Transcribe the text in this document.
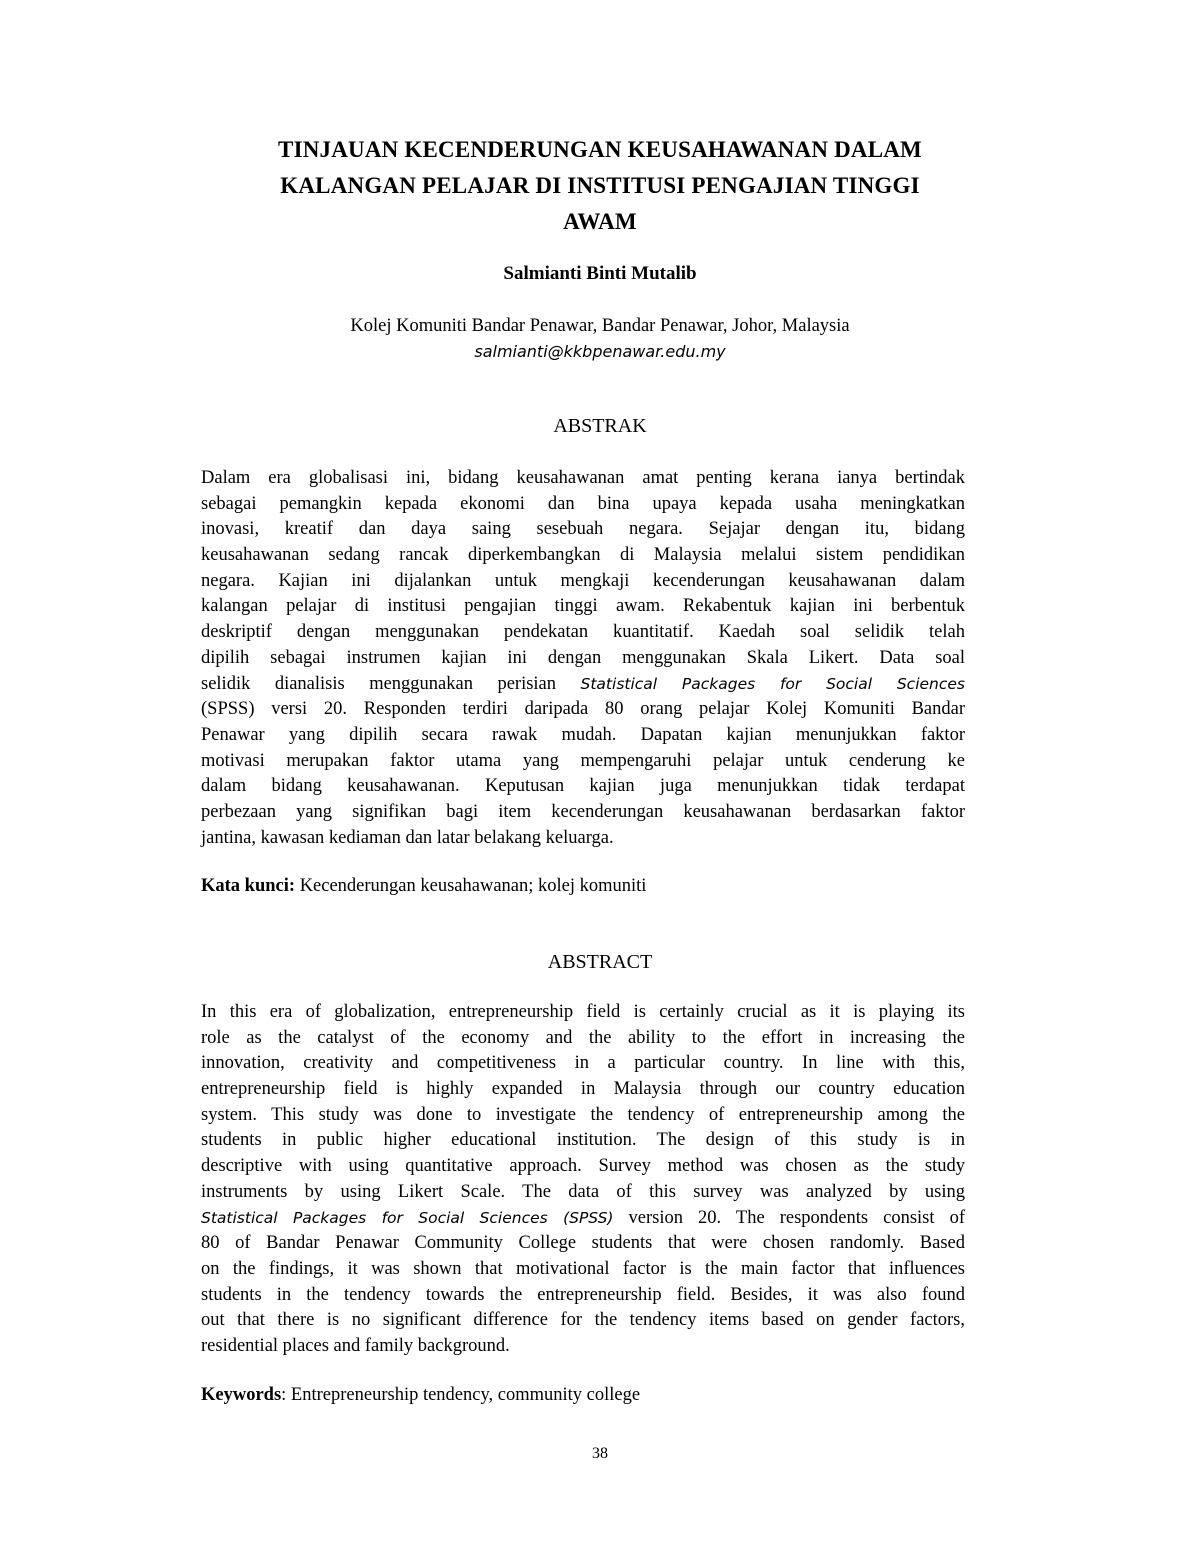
TINJAUAN KECENDERUNGAN KEUSAHAWANAN DALAM
KALANGAN PELAJAR DI INSTITUSI PENGAJIAN TINGGI
AWAM
Salmianti Binti Mutalib
Kolej Komuniti Bandar Penawar, Bandar Penawar, Johor, Malaysia
salmianti@kkbpenawar.edu.my
ABSTRAK
Dalam era globalisasi ini, bidang keusahawanan amat penting kerana ianya bertindak
sebagai pemangkin kepada ekonomi dan bina upaya kepada usaha meningkatkan
inovasi, kreatif dan daya saing sesebuah negara. Sejajar dengan itu, bidang
keusahawanan sedang rancak diperkembangkan di Malaysia melalui sistem pendidikan
negara. Kajian ini dijalankan untuk mengkaji kecenderungan keusahawanan dalam
kalangan pelajar di institusi pengajian tinggi awam. Rekabentuk kajian ini berbentuk
deskriptif dengan menggunakan pendekatan kuantitatif. Kaedah soal selidik telah
dipilih sebagai instrumen kajian ini dengan menggunakan Skala Likert. Data soal
selidik dianalisis menggunakan perisian Statistical Packages for Social Sciences
(SPSS) versi 20. Responden terdiri daripada 80 orang pelajar Kolej Komuniti Bandar
Penawar yang dipilih secara rawak mudah. Dapatan kajian menunjukkan faktor
motivasi merupakan faktor utama yang mempengaruhi pelajar untuk cenderung ke
dalam bidang keusahawanan. Keputusan kajian juga menunjukkan tidak terdapat
perbezaan yang signifikan bagi item kecenderungan keusahawanan berdasarkan faktor
jantina, kawasan kediaman dan latar belakang keluarga.
Kata kunci: Kecenderungan keusahawanan; kolej komuniti
ABSTRACT
In this era of globalization, entrepreneurship field is certainly crucial as it is playing its
role as the catalyst of the economy and the ability to the effort in increasing the
innovation, creativity and competitiveness in a particular country. In line with this,
entrepreneurship field is highly expanded in Malaysia through our country education
system. This study was done to investigate the tendency of entrepreneurship among the
students in public higher educational institution. The design of this study is in
descriptive with using quantitative approach. Survey method was chosen as the study
instruments by using Likert Scale. The data of this survey was analyzed by using
Statistical Packages for Social Sciences (SPSS) version 20. The respondents consist of
80 of Bandar Penawar Community College students that were chosen randomly. Based
on the findings, it was shown that motivational factor is the main factor that influences
students in the tendency towards the entrepreneurship field. Besides, it was also found
out that there is no significant difference for the tendency items based on gender factors,
residential places and family background.
Keywords: Entrepreneurship tendency, community college
38
